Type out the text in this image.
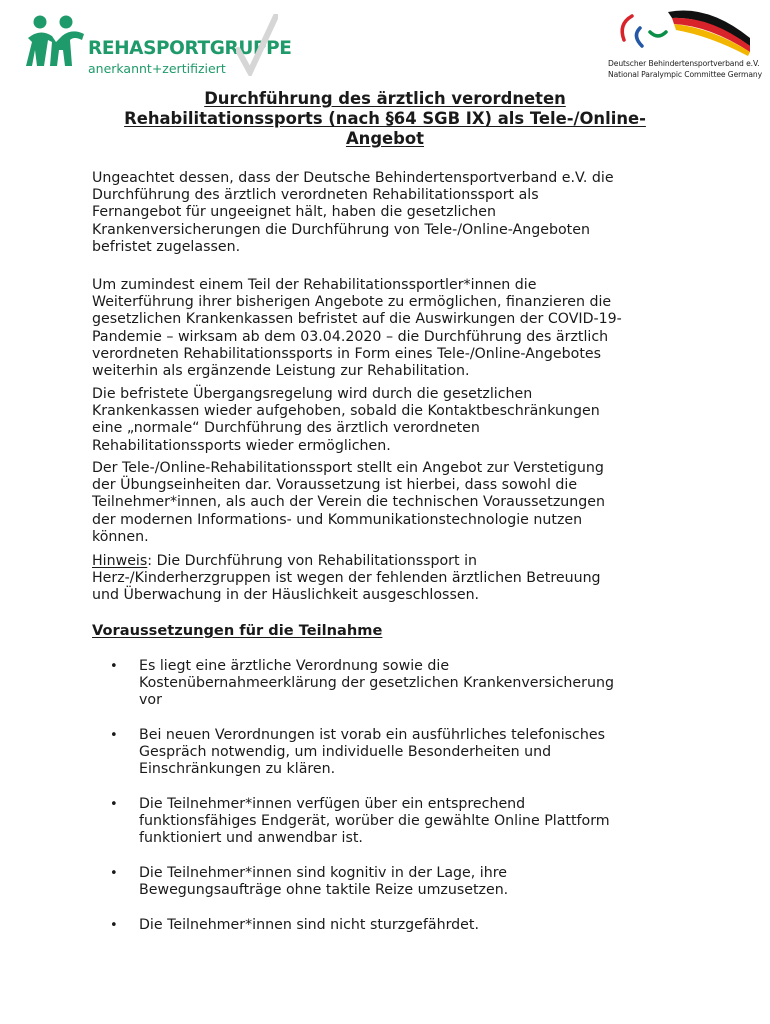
REHASPORTGRUPPE
anerkannt+zertifiziert	Deutscher Behindertensportverband e.V.
National Paralympic Committee Germany
Durchführung des ärztlich verordneten
Rehabilitationssports (nach §64 SGB IX) als Tele-/Online-
Angebot
Ungeachtet dessen, dass der Deutsche Behindertensportverband e.V. die
Durchführung des ärztlich verordneten Rehabilitationssport als
Fernangebot für ungeeignet hält, haben die gesetzlichen
Krankenversicherungen die Durchführung von Tele-/Online-Angeboten
befristet zugelassen.
Um zumindest einem Teil der Rehabilitationssportler*innen die
Weiterführung ihrer bisherigen Angebote zu ermöglichen, finanzieren die
gesetzlichen Krankenkassen befristet auf die Auswirkungen der COVID-19-
Pandemie – wirksam ab dem 03.04.2020 – die Durchführung des ärztlich
verordneten Rehabilitationssports in Form eines Tele-/Online-Angebotes
weiterhin als ergänzende Leistung zur Rehabilitation.
Die befristete Übergangsregelung wird durch die gesetzlichen
Krankenkassen wieder aufgehoben, sobald die Kontaktbeschränkungen
eine „normale“ Durchführung des ärztlich verordneten
Rehabilitationssports wieder ermöglichen.
Der Tele-/Online-Rehabilitationssport stellt ein Angebot zur Verstetigung
der Übungseinheiten dar. Voraussetzung ist hierbei, dass sowohl die
Teilnehmer*innen, als auch der Verein die technischen Voraussetzungen
der modernen Informations- und Kommunikationstechnologie nutzen
können.
Hinweis: Die Durchführung von Rehabilitationssport in
Herz-/Kinderherzgruppen ist wegen der fehlenden ärztlichen Betreuung
und Überwachung in der Häuslichkeit ausgeschlossen.
Voraussetzungen für die Teilnahme
• Es liegt eine ärztliche Verordnung sowie die
Kostenübernahmeerklärung der gesetzlichen Krankenversicherung
vor
• Bei neuen Verordnungen ist vorab ein ausführliches telefonisches
Gespräch notwendig, um individuelle Besonderheiten und
Einschränkungen zu klären.
• Die Teilnehmer*innen verfügen über ein entsprechend
funktionsfähiges Endgerät, worüber die gewählte Online Plattform
funktioniert und anwendbar ist.
• Die Teilnehmer*innen sind kognitiv in der Lage, ihre
Bewegungsaufträge ohne taktile Reize umzusetzen.
• Die Teilnehmer*innen sind nicht sturzgefährdet.
